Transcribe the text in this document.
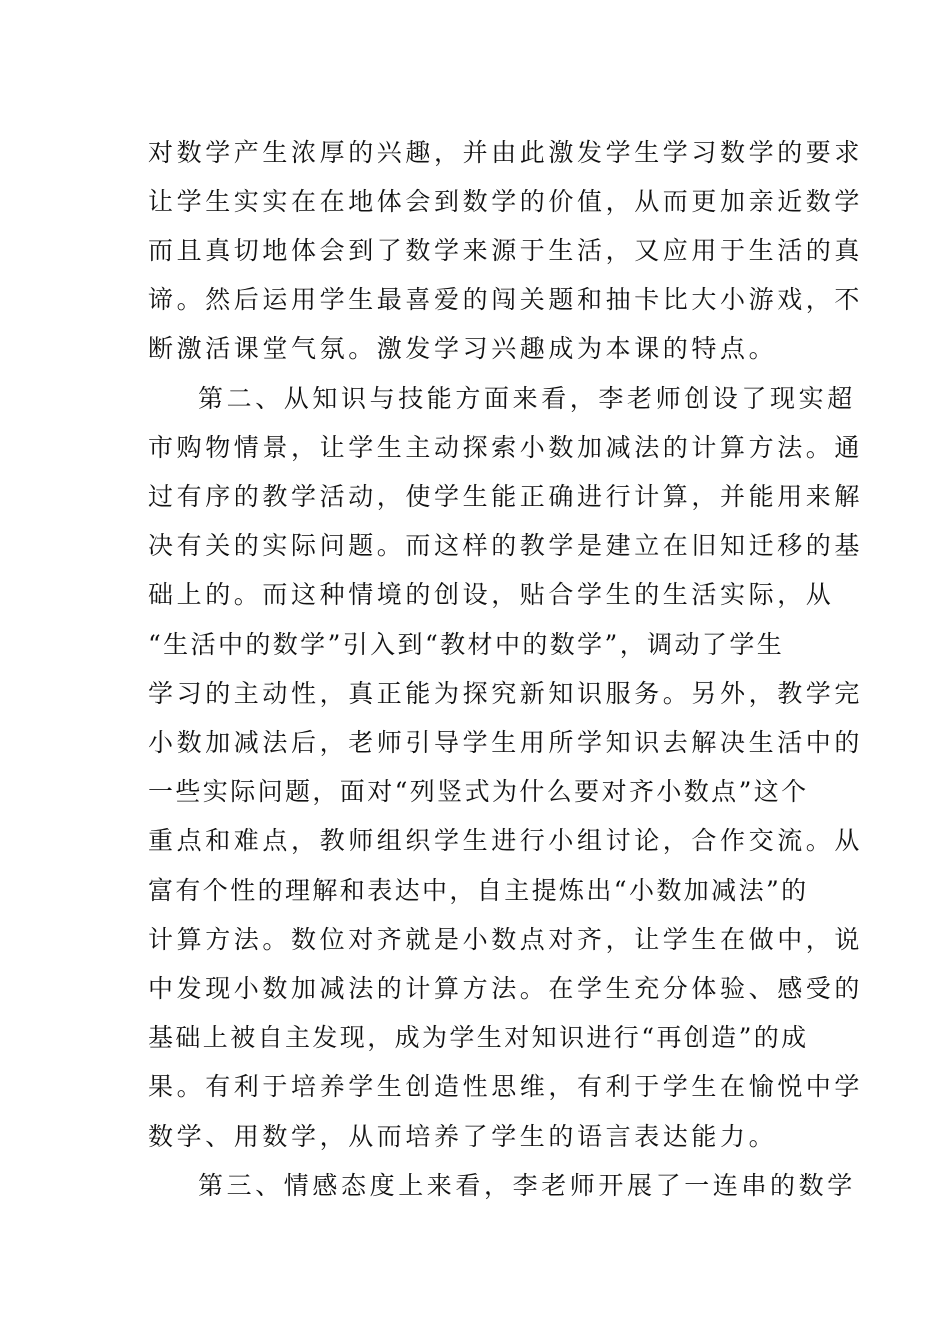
对数学产生浓厚的兴趣，并由此激发学生学习数学的要求
让学生实实在在地体会到数学的价值，从而更加亲近数学
而且真切地体会到了数学来源于生活，又应用于生活的真
谛。然后运用学生最喜爱的闯关题和抽卡比大小游戏，不
断激活课堂气氛。激发学习兴趣成为本课的特点。
第二、从知识与技能方面来看，李老师创设了现实超
市购物情景，让学生主动探索小数加减法的计算方法。通
过有序的教学活动，使学生能正确进行计算，并能用来解
决有关的实际问题。而这样的教学是建立在旧知迁移的基
础上的。而这种情境的创设，贴合学生的生活实际，从
“生活中的数学”引入到“教材中的数学”，调动了学生
学习的主动性，真正能为探究新知识服务。另外，教学完
小数加减法后，老师引导学生用所学知识去解决生活中的
一些实际问题，面对“列竖式为什么要对齐小数点”这个
重点和难点，教师组织学生进行小组讨论，合作交流。从
富有个性的理解和表达中，自主提炼出“小数加减法”的
计算方法。数位对齐就是小数点对齐，让学生在做中，说
中发现小数加减法的计算方法。在学生充分体验、感受的
基础上被自主发现，成为学生对知识进行“再创造”的成
果。有利于培养学生创造性思维，有利于学生在愉悦中学
数学、用数学，从而培养了学生的语言表达能力。
第三、情感态度上来看，李老师开展了一连串的数学
